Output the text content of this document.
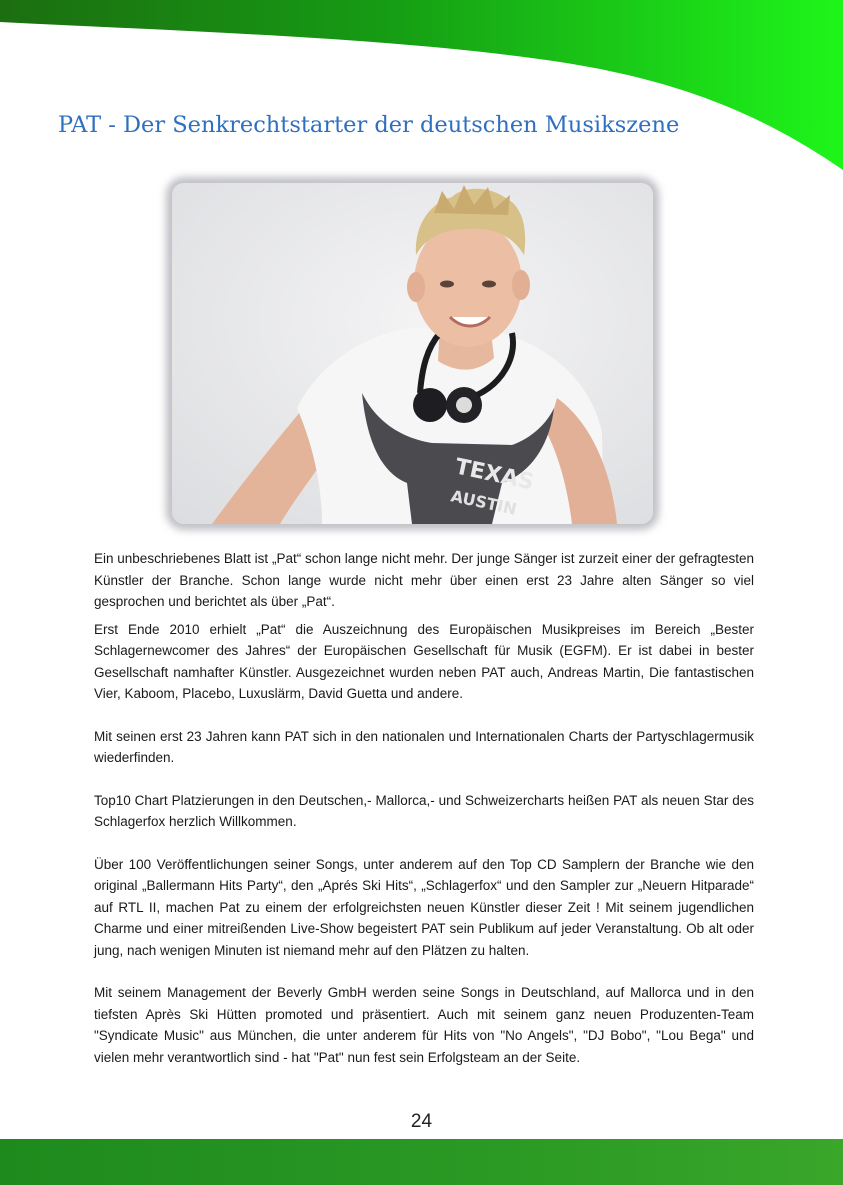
PAT - Der Senkrechtstarter der deutschen Musikszene
TEXAS
AUSTIN

Ein unbeschriebenes Blatt ist „Pat“ schon lange nicht mehr. Der junge Sänger ist zurzeit einer der gefragtesten Künstler der Branche. Schon lange wurde nicht mehr über einen erst 23 Jahre alten Sänger so viel gesprochen und berichtet als über „Pat“.

Erst Ende 2010 erhielt „Pat“ die Auszeichnung des Europäischen Musikpreises im Bereich „Bester Schlagernewcomer des Jahres“ der Europäischen Gesellschaft für Musik (EGFM). Er ist dabei in bester Gesellschaft namhafter Künstler. Ausgezeichnet wurden neben PAT auch, Andreas Martin, Die fantastischen Vier, Kaboom, Placebo, Luxuslärm, David Guetta und andere.

Mit seinen erst 23 Jahren kann PAT sich in den nationalen und Internationalen Charts der Partyschlagermusik wiederfinden.

Top10 Chart Platzierungen in den Deutschen,- Mallorca,- und Schweizercharts heißen PAT als neuen Star des Schlagerfox herzlich Willkommen.

Über 100 Veröffentlichungen seiner Songs, unter anderem auf den Top CD Samplern der Branche wie den original „Ballermann Hits Party“, den „Aprés Ski Hits“, „Schlagerfox“ und den Sampler zur „Neuern Hitparade“ auf RTL II, machen Pat zu einem der erfolgreichsten neuen Künstler dieser Zeit ! Mit seinem jugendlichen Charme und einer mitreißenden Live-Show begeistert PAT sein Publikum auf jeder Veranstaltung. Ob alt oder jung, nach wenigen Minuten ist niemand mehr auf den Plätzen zu halten.

Mit seinem Management der Beverly GmbH werden seine Songs in Deutschland, auf Mallorca und in den tiefsten Après Ski Hütten promoted und präsentiert. Auch mit seinem ganz neuen Produzenten-Team "Syndicate Music" aus München, die unter anderem für Hits von "No Angels", "DJ Bobo", "Lou Bega" und vielen mehr verantwortlich sind - hat "Pat" nun fest sein Erfolgsteam an der Seite.

24
